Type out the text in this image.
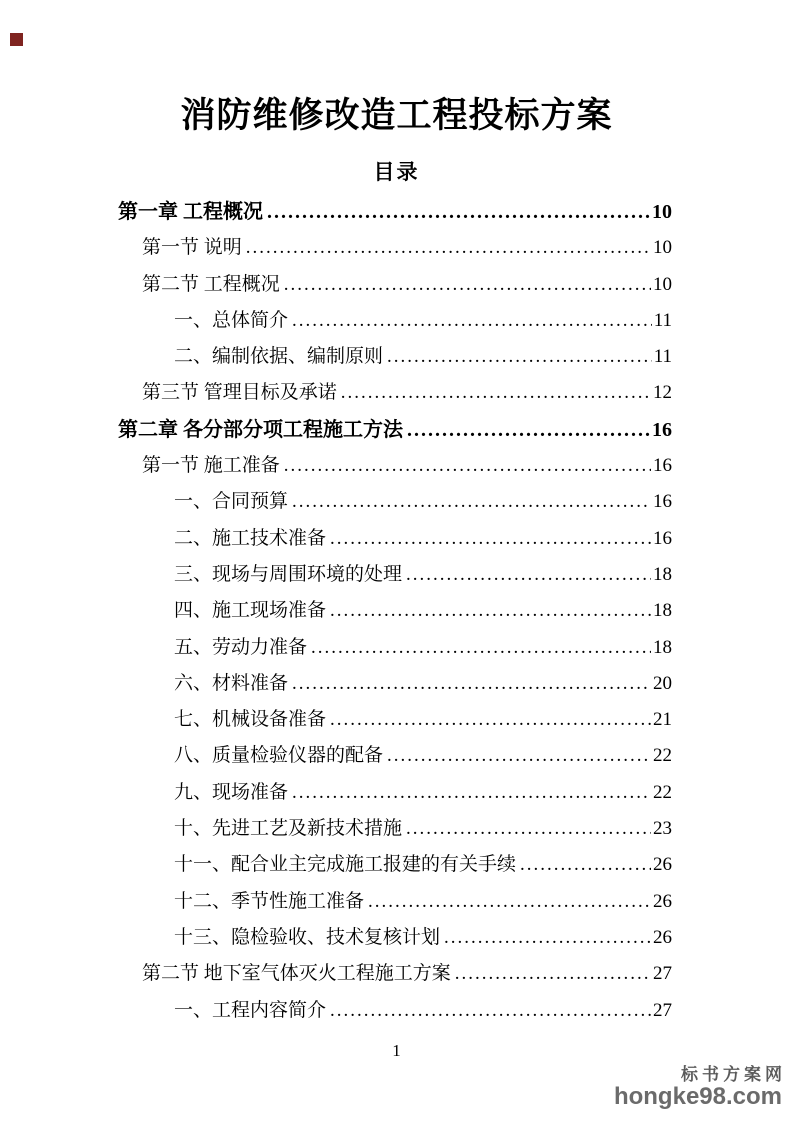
消防维修改造工程投标方案
目录
第一章 工程概况 .....	10
第一节 说明 .....	10
第二节 工程概况 .....	10
一、总体简介 .....	11
二、编制依据、编制原则 .....	11
第三节 管理目标及承诺 .....	12
第二章 各分部分项工程施工方法 .....	16
第一节 施工准备 .....	16
一、合同预算 .....	16
二、施工技术准备 .....	16
三、现场与周围环境的处理 .....	18
四、施工现场准备 .....	18
五、劳动力准备 .....	18
六、材料准备 .....	20
七、机械设备准备 .....	21
八、质量检验仪器的配备 .....	22
九、现场准备 .....	22
十、先进工艺及新技术措施 .....	23
十一、配合业主完成施工报建的有关手续 .....	26
十二、季节性施工准备 .....	26
十三、隐检验收、技术复核计划 .....	26
第二节 地下室气体灭火工程施工方案 .....	27
一、工程内容简介 .....	27
1
标书方案网
hongke98.com
